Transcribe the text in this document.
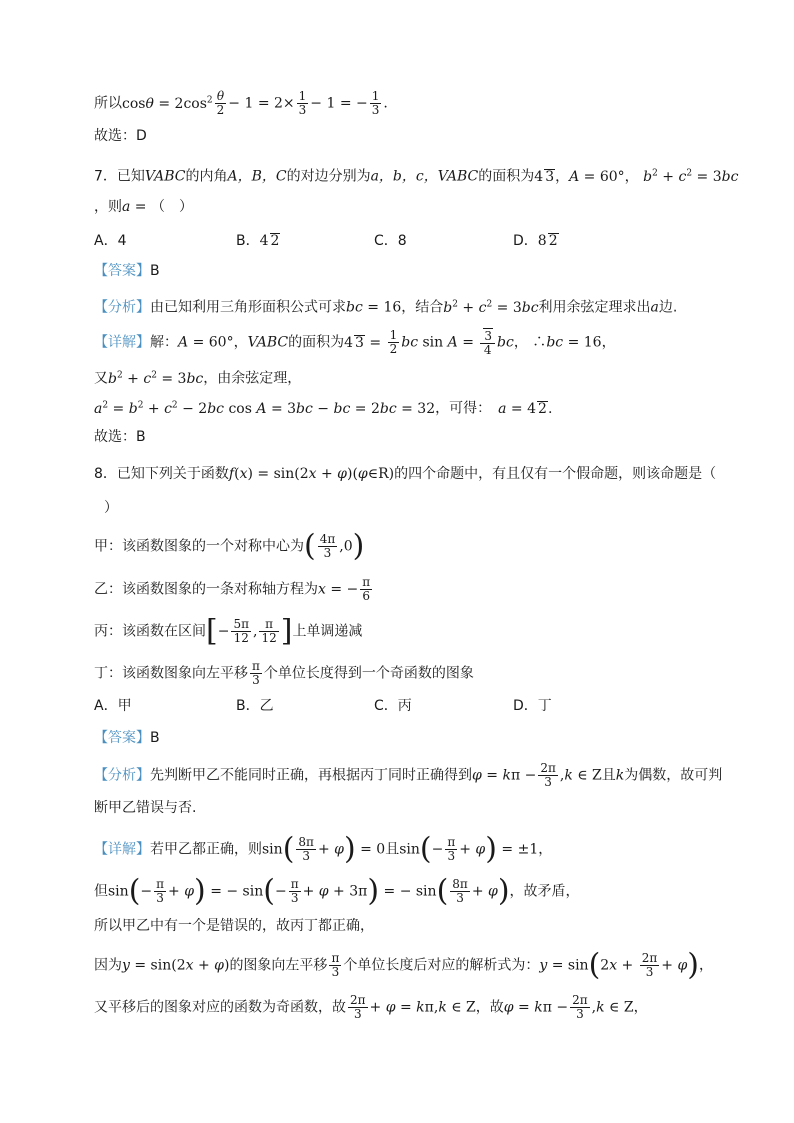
所以$\cos\theta = 2\cos^2 \frac{\theta}{2} - 1 = 2\times \frac{1}{3} - 1$ = − $\frac{1}{3}$ .
故选：D
7．已知VABC的内角A，B，C的对边分别为a，b，c，VABC的面积为4 3，A = 60°， $b^2 + c^2 = 3bc$
，则a = （　）
A．4	B．4 2	C．8	D．8 2
【答案】B
【分析】由已知利用三角形面积公式可求bc = 16，结合$b^2 + c^2 = 3bc$利用余弦定理求出a边.
【详解】解：A = 60°，VABC的面积为4 $3 = \frac{1}{2}$ bc $\sin A = \frac{3}{4}$ bc， ∴bc = 16，
又$b^2 + c^2 = 3bc$，由余弦定理，
$a^2 = b^2 + c^2 - 2bc$ cos A = 3bc − bc = 2bc = 32，可得：　 a = 4 2.
故选：B
8．已知下列关于函数f(x) = sin(2x + φ)(φ∈R)的四个命题中，有且仅有一个假命题，则该命题是（
）
甲：该函数图象的一个对称中心为( $\frac{4\pi}{3} ,0$)
乙：该函数图象的一条对称轴方程为x = − $\frac{\pi}{6}$
丙：该函数在区间[− $\frac{5\pi}{12}$ , $\frac{\pi}{12}$ ]上单调递减
丁：该函数图象向左平移 $\frac{\pi}{3}$ 个单位长度得到一个奇函数的图象
A．甲	B．乙	C．丙	D．丁
【答案】B
【分析】先判断甲乙不能同时正确，再根据丙丁同时正确得到$\varphi = k\pi - \frac{2\pi}{3} ,k$ ∈ Z且k为偶数，故可判
断甲乙错误与否.
【详解】若甲乙都正确，则$\sin( \frac{8\pi}{3} + \varphi) = 0$且$\sin(- \frac{\pi}{3} + \varphi) = \pm 1$，
但$\sin(- \frac{\pi}{3} + \varphi)$ = − $\sin(- \frac{\pi}{3} + \varphi + 3\pi)$ = − $\sin( \frac{8\pi}{3} + \varphi)$，故矛盾，
所以甲乙中有一个是错误的，故丙丁都正确，
因为y = sin(2x + φ)的图象向左平移 $\frac{\pi}{3}$ 个单位长度后对应的解析式为：$y = \sin(2x + \frac{2\pi}{3} + \varphi)$，
又平移后的图象对应的函数为奇函数，故 $\frac{2\pi}{3} + \varphi = k\pi,k$ ∈ Z，故$\varphi = k\pi - \frac{2\pi}{3} ,k$ ∈ Z，
